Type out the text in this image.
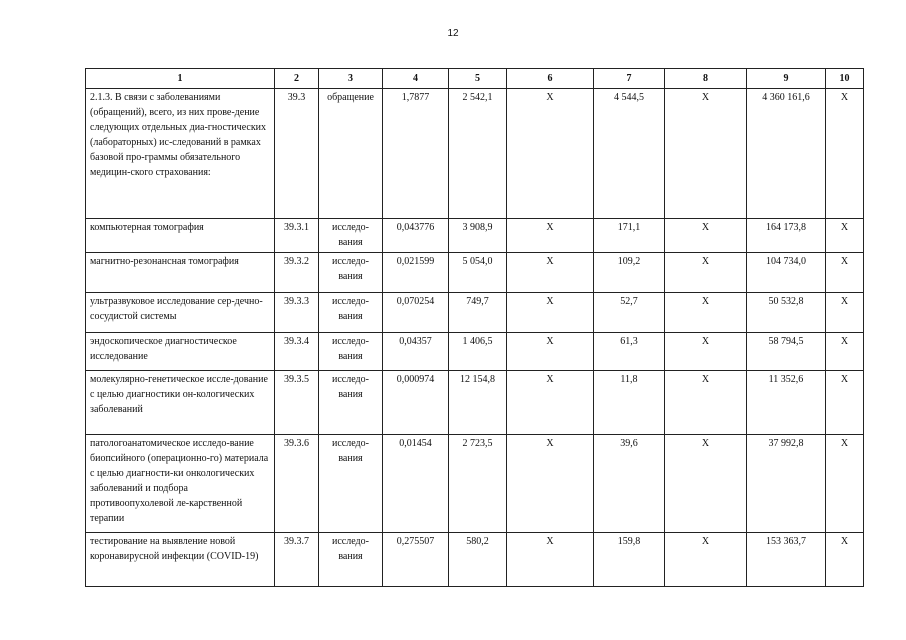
12
1	2	3	4	5	6	7	8	9	10
2.1.3. В связи с заболеваниями (обращений), всего, из них прове-дение следующих отдельных диа-гностических (лабораторных) ис-следований в рамках базовой про-граммы обязательного медицин-ского страхования:	39.3	обращение	1,7877	2 542,1	Х	4 544,5	Х	4 360 161,6	Х
компьютерная томография	39.3.1	исследо-вания	0,043776	3 908,9	Х	171,1	Х	164 173,8	Х
магнитно-резонансная томография	39.3.2	исследо-вания	0,021599	5 054,0	Х	109,2	Х	104 734,0	Х
ультразвуковое исследование сер-дечно-сосудистой системы	39.3.3	исследо-вания	0,070254	749,7	Х	52,7	Х	50 532,8	Х
эндоскопическое диагностическое исследование	39.3.4	исследо-вания	0,04357	1 406,5	Х	61,3	Х	58 794,5	Х
молекулярно-генетическое иссле-дование с целью диагностики он-кологических заболеваний	39.3.5	исследо-вания	0,000974	12 154,8	Х	11,8	Х	11 352,6	Х
патологоанатомическое исследо-вание биопсийного (операционно-го) материала с целью диагности-ки онкологических заболеваний и подбора противоопухолевой ле-карственной терапии	39.3.6	исследо-вания	0,01454	2 723,5	Х	39,6	Х	37 992,8	Х
тестирование на выявление новой коронавирусной инфекции (COVID-19)	39.3.7	исследо-вания	0,275507	580,2	Х	159,8	Х	153 363,7	Х
